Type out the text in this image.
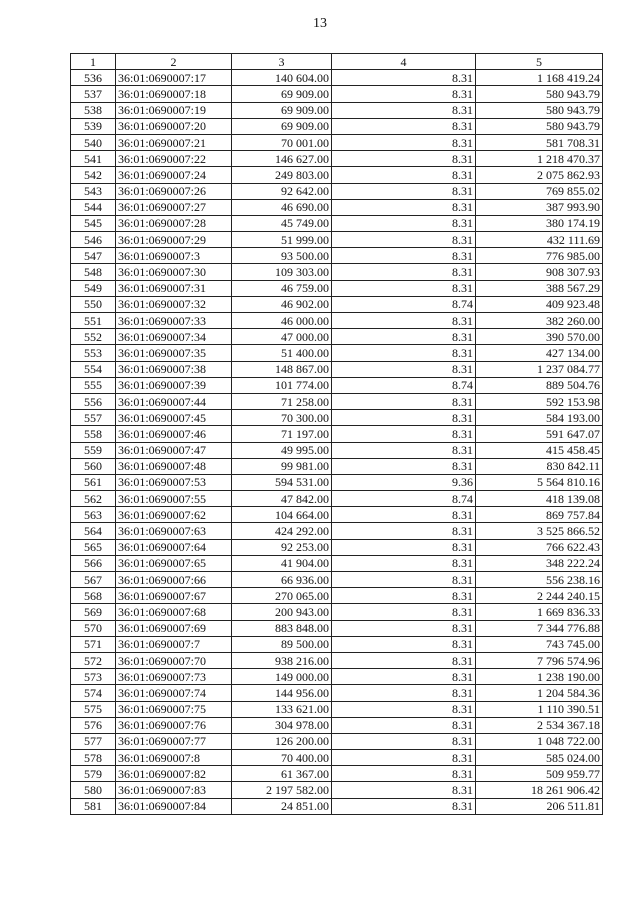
13
1	2	3	4	5
536	36:01:0690007:17	140 604.00	8.31	1 168 419.24
537	36:01:0690007:18	69 909.00	8.31	580 943.79
538	36:01:0690007:19	69 909.00	8.31	580 943.79
539	36:01:0690007:20	69 909.00	8.31	580 943.79
540	36:01:0690007:21	70 001.00	8.31	581 708.31
541	36:01:0690007:22	146 627.00	8.31	1 218 470.37
542	36:01:0690007:24	249 803.00	8.31	2 075 862.93
543	36:01:0690007:26	92 642.00	8.31	769 855.02
544	36:01:0690007:27	46 690.00	8.31	387 993.90
545	36:01:0690007:28	45 749.00	8.31	380 174.19
546	36:01:0690007:29	51 999.00	8.31	432 111.69
547	36:01:0690007:3	93 500.00	8.31	776 985.00
548	36:01:0690007:30	109 303.00	8.31	908 307.93
549	36:01:0690007:31	46 759.00	8.31	388 567.29
550	36:01:0690007:32	46 902.00	8.74	409 923.48
551	36:01:0690007:33	46 000.00	8.31	382 260.00
552	36:01:0690007:34	47 000.00	8.31	390 570.00
553	36:01:0690007:35	51 400.00	8.31	427 134.00
554	36:01:0690007:38	148 867.00	8.31	1 237 084.77
555	36:01:0690007:39	101 774.00	8.74	889 504.76
556	36:01:0690007:44	71 258.00	8.31	592 153.98
557	36:01:0690007:45	70 300.00	8.31	584 193.00
558	36:01:0690007:46	71 197.00	8.31	591 647.07
559	36:01:0690007:47	49 995.00	8.31	415 458.45
560	36:01:0690007:48	99 981.00	8.31	830 842.11
561	36:01:0690007:53	594 531.00	9.36	5 564 810.16
562	36:01:0690007:55	47 842.00	8.74	418 139.08
563	36:01:0690007:62	104 664.00	8.31	869 757.84
564	36:01:0690007:63	424 292.00	8.31	3 525 866.52
565	36:01:0690007:64	92 253.00	8.31	766 622.43
566	36:01:0690007:65	41 904.00	8.31	348 222.24
567	36:01:0690007:66	66 936.00	8.31	556 238.16
568	36:01:0690007:67	270 065.00	8.31	2 244 240.15
569	36:01:0690007:68	200 943.00	8.31	1 669 836.33
570	36:01:0690007:69	883 848.00	8.31	7 344 776.88
571	36:01:0690007:7	89 500.00	8.31	743 745.00
572	36:01:0690007:70	938 216.00	8.31	7 796 574.96
573	36:01:0690007:73	149 000.00	8.31	1 238 190.00
574	36:01:0690007:74	144 956.00	8.31	1 204 584.36
575	36:01:0690007:75	133 621.00	8.31	1 110 390.51
576	36:01:0690007:76	304 978.00	8.31	2 534 367.18
577	36:01:0690007:77	126 200.00	8.31	1 048 722.00
578	36:01:0690007:8	70 400.00	8.31	585 024.00
579	36:01:0690007:82	61 367.00	8.31	509 959.77
580	36:01:0690007:83	2 197 582.00	8.31	18 261 906.42
581	36:01:0690007:84	24 851.00	8.31	206 511.81
